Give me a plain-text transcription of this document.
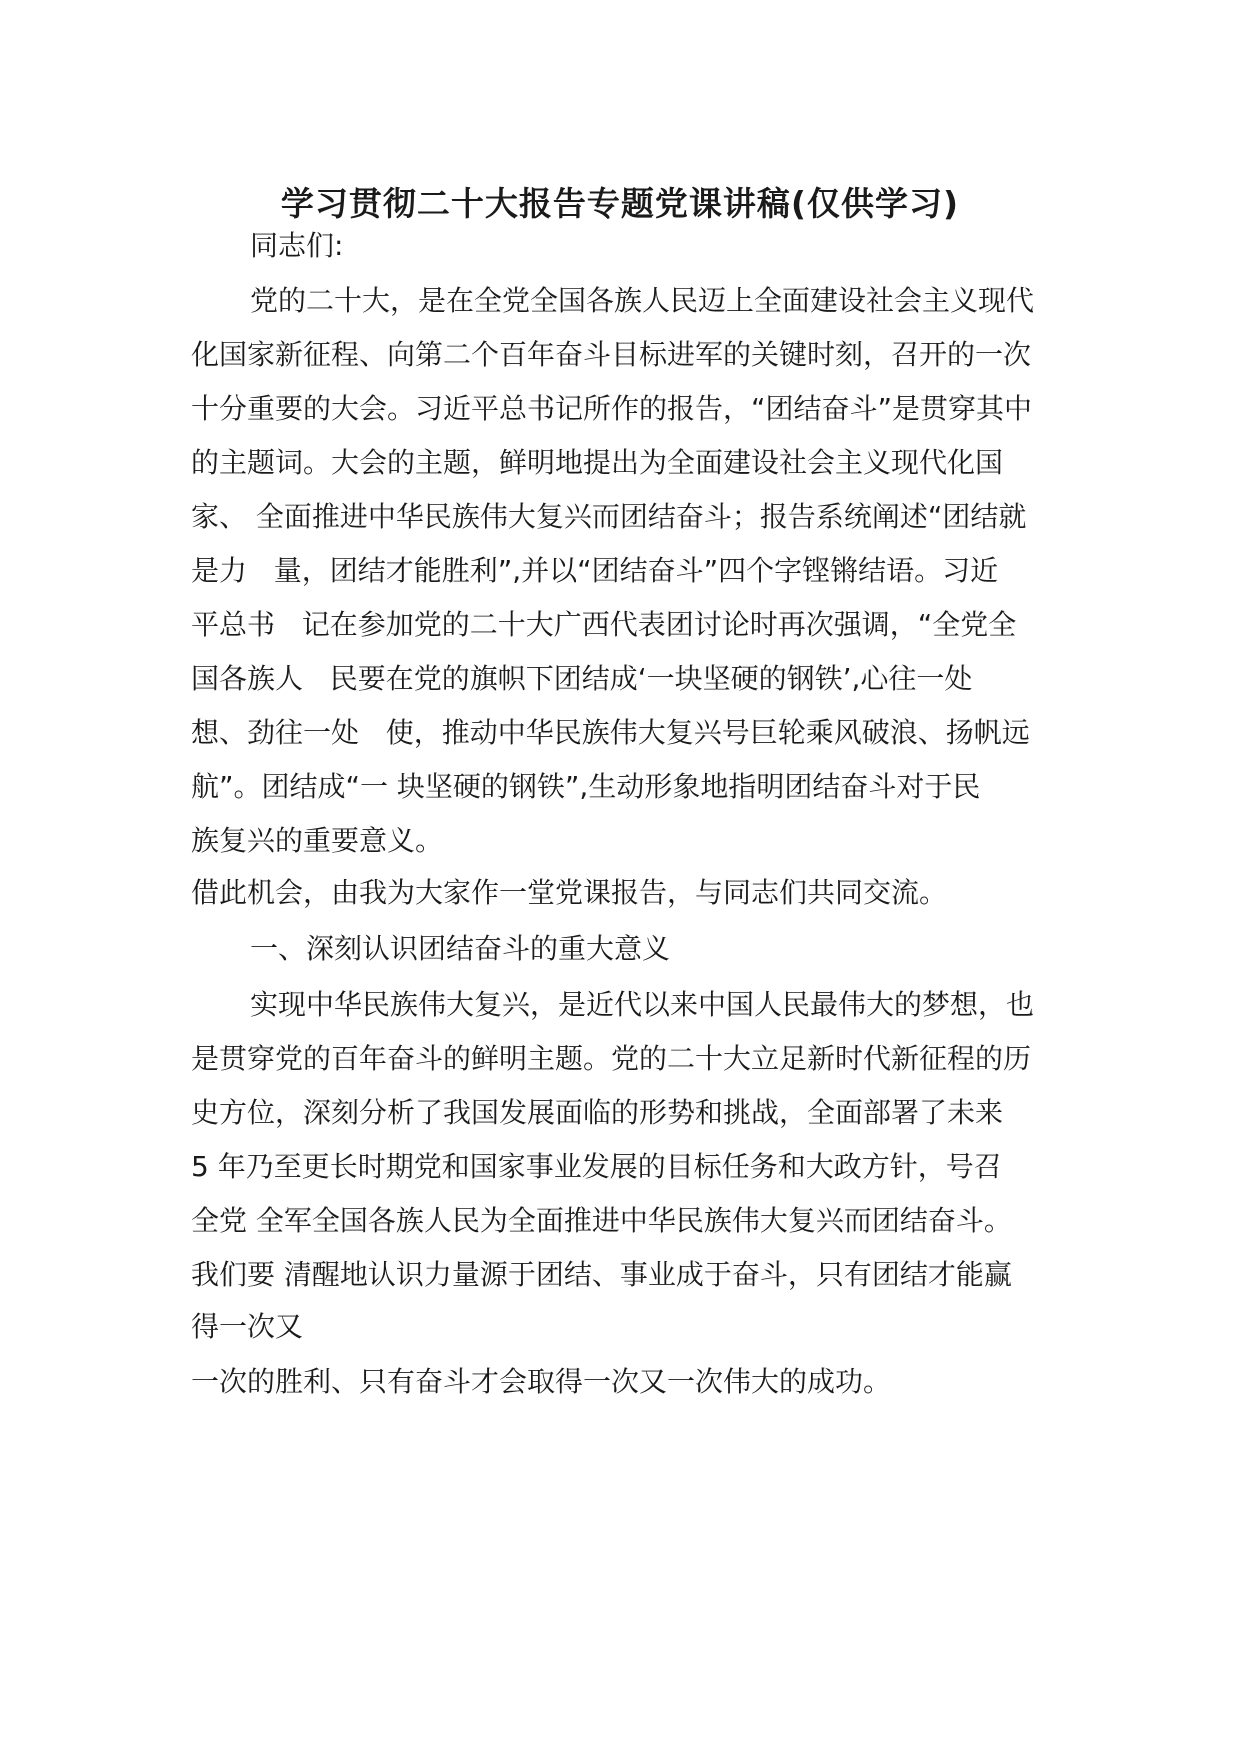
学习贯彻二十大报告专题党课讲稿(仅供学习)
同志们:
党的二十大，是在全党全国各族人民迈上全面建设社会主义现代
化国家新征程、向第二个百年奋斗目标进军的关键时刻，召开的一次
十分重要的大会。习近平总书记所作的报告，“团结奋斗”是贯穿其中
的主题词。大会的主题，鲜明地提出为全面建设社会主义现代化国
家、 全面推进中华民族伟大复兴而团结奋斗；报告系统阐述“团结就
是力   量，团结才能胜利”,并以“团结奋斗”四个字铿锵结语。习近
平总书   记在参加党的二十大广西代表团讨论时再次强调，“全党全
国各族人   民要在党的旗帜下团结成‘一块坚硬的钢铁’,心往一处
想、劲往一处   使，推动中华民族伟大复兴号巨轮乘风破浪、扬帆远
航”。团结成“一 块坚硬的钢铁”,生动形象地指明团结奋斗对于民
族复兴的重要意义。
借此机会，由我为大家作一堂党课报告，与同志们共同交流。
一、深刻认识团结奋斗的重大意义
实现中华民族伟大复兴，是近代以来中国人民最伟大的梦想，也
是贯穿党的百年奋斗的鲜明主题。党的二十大立足新时代新征程的历
史方位，深刻分析了我国发展面临的形势和挑战，全面部署了未来
5 年乃至更长时期党和国家事业发展的目标任务和大政方针，号召
全党 全军全国各族人民为全面推进中华民族伟大复兴而团结奋斗。
我们要 清醒地认识力量源于团结、事业成于奋斗，只有团结才能赢
得一次又
一次的胜利、只有奋斗才会取得一次又一次伟大的成功。
